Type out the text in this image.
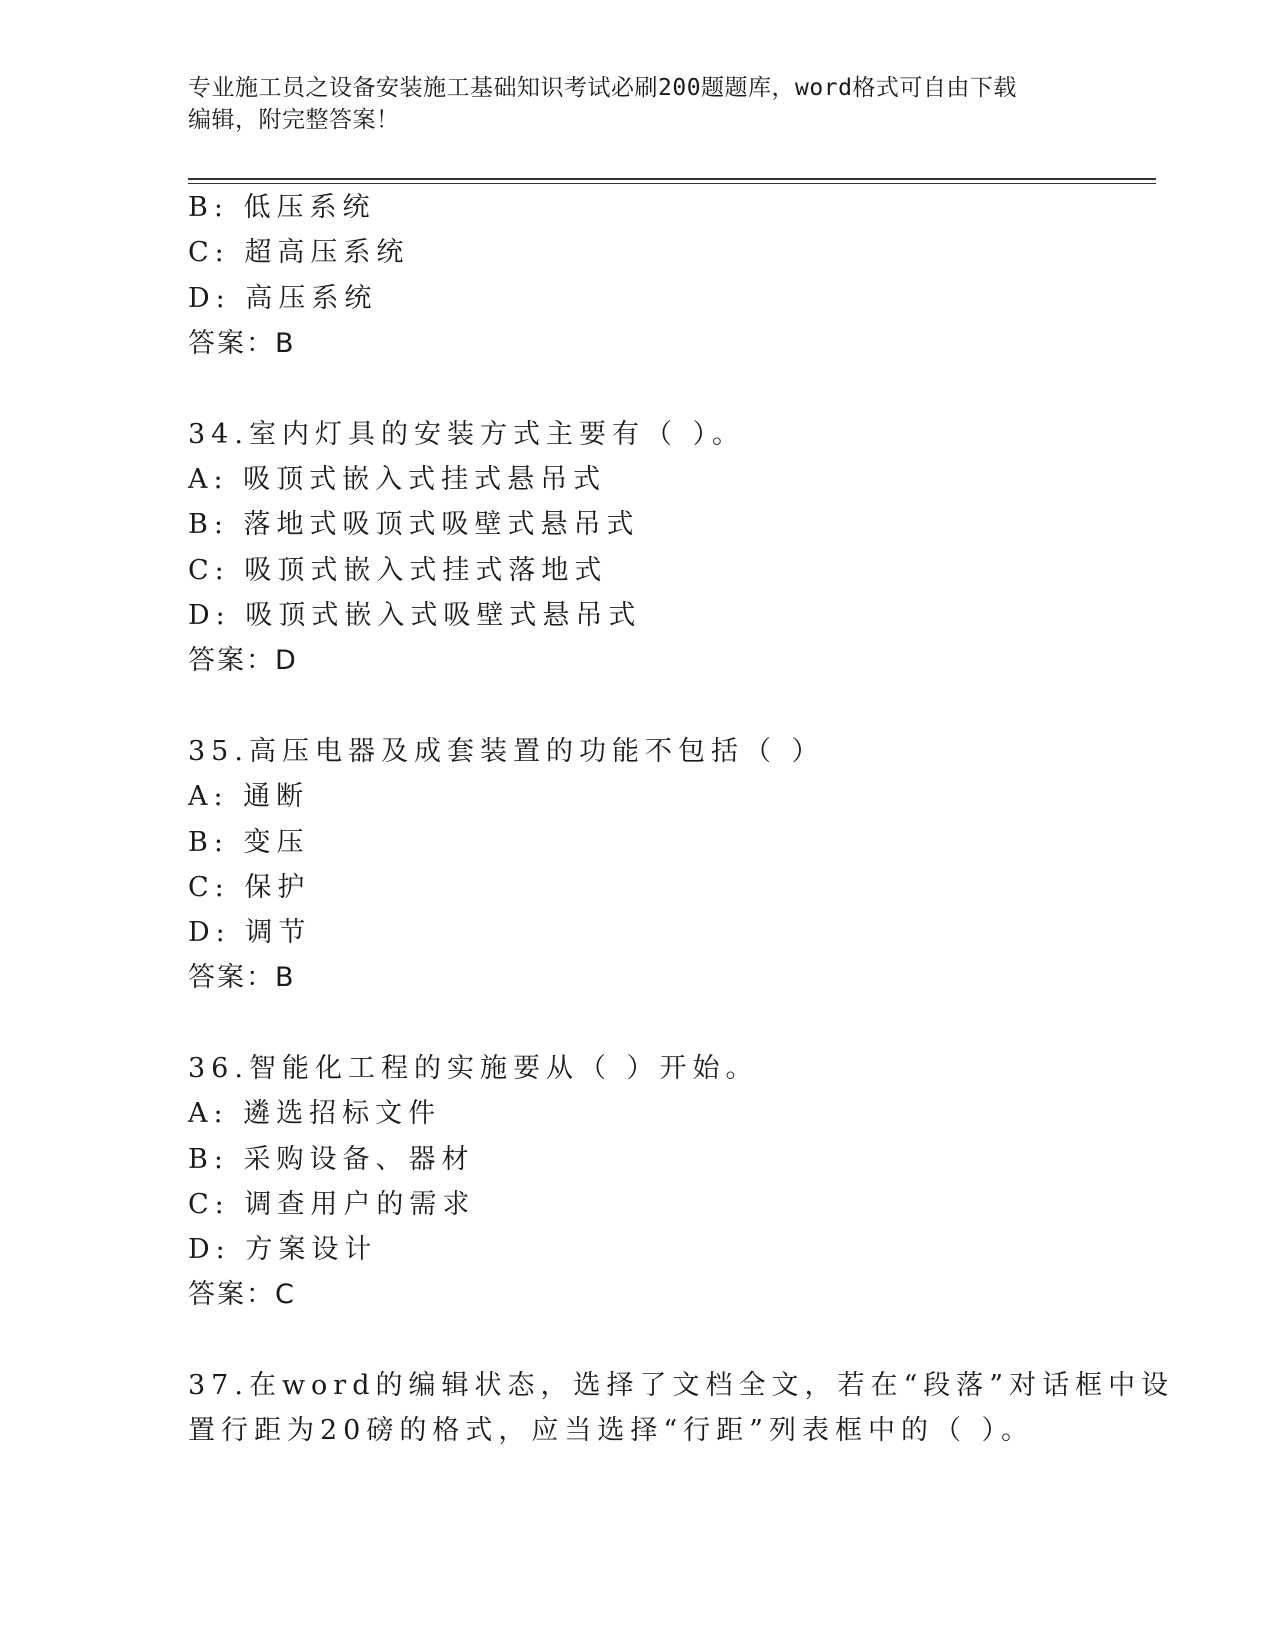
专业施工员之设备安装施工基础知识考试必刷200题题库，word格式可自由下载
编辑，附完整答案！
B: 低压系统
C: 超高压系统
D: 高压系统
答案：B
34.室内灯具的安装方式主要有（ ）。
A: 吸顶式嵌入式挂式悬吊式
B: 落地式吸顶式吸壁式悬吊式
C: 吸顶式嵌入式挂式落地式
D: 吸顶式嵌入式吸壁式悬吊式
答案：D
35.高压电器及成套装置的功能不包括（ ）
A: 通断
B: 变压
C: 保护
D: 调节
答案：B
36.智能化工程的实施要从（ ）开始。
A: 遴选招标文件
B: 采购设备、器材
C: 调查用户的需求
D: 方案设计
答案：C
37.在word的编辑状态，选择了文档全文，若在“段落”对话框中设
置行距为20磅的格式，应当选择“行距”列表框中的（ ）。
